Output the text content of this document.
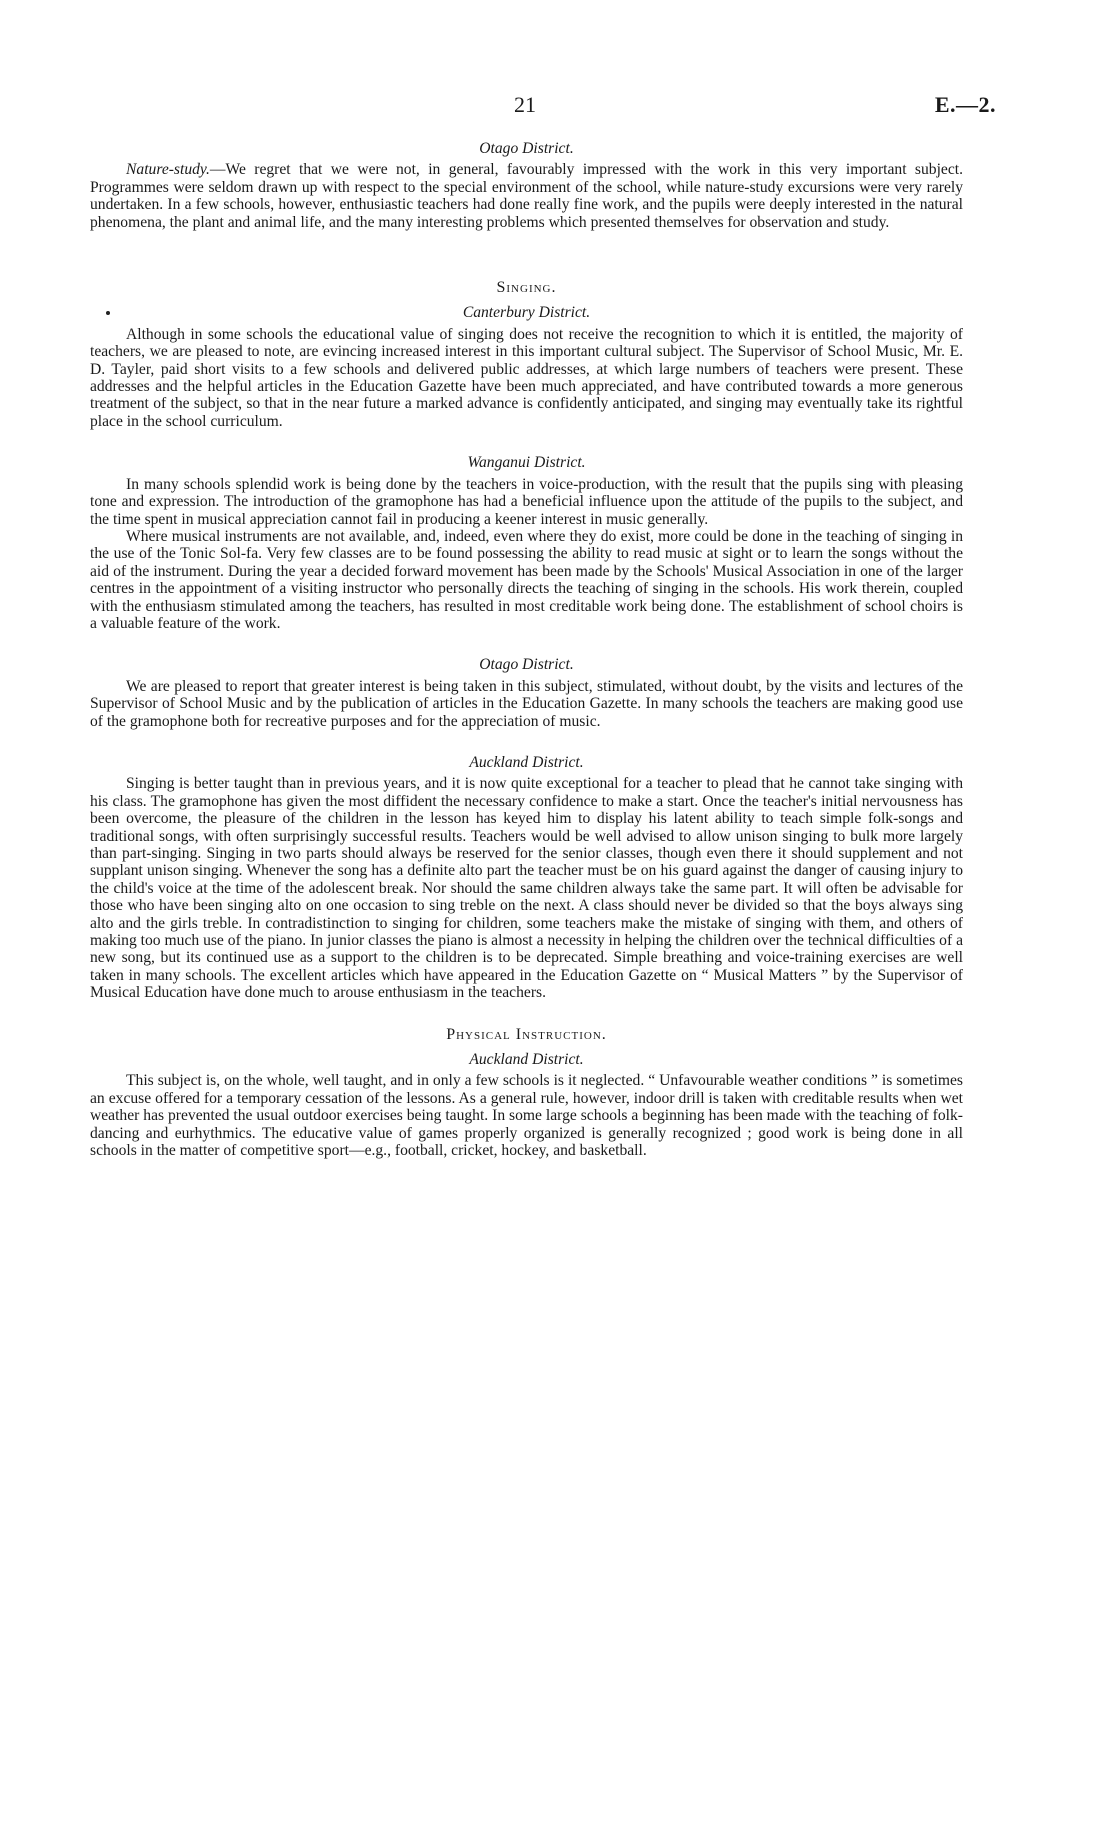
21	E.—2.
Otago District.

Nature-study.—We regret that we were not, in general, favourably impressed with the work in this very important subject. Programmes were seldom drawn up with respect to the special environment of the school, while nature-study excursions were very rarely undertaken. In a few schools, however, enthusiastic teachers had done really fine work, and the pupils were deeply interested in the natural phenomena, the plant and animal life, and the many interesting problems which presented themselves for observation and study.

Singing.
Canterbury District.

Although in some schools the educational value of singing does not receive the recognition to which it is entitled, the majority of teachers, we are pleased to note, are evincing increased interest in this important cultural subject. The Supervisor of School Music, Mr. E. D. Tayler, paid short visits to a few schools and delivered public addresses, at which large numbers of teachers were present. These addresses and the helpful articles in the Education Gazette have been much appreciated, and have contributed towards a more generous treatment of the subject, so that in the near future a marked advance is confidently anticipated, and singing may eventually take its rightful place in the school curriculum.

Wanganui District.

In many schools splendid work is being done by the teachers in voice-production, with the result that the pupils sing with pleasing tone and expression. The introduction of the gramophone has had a beneficial influence upon the attitude of the pupils to the subject, and the time spent in musical appreciation cannot fail in producing a keener interest in music generally.

Where musical instruments are not available, and, indeed, even where they do exist, more could be done in the teaching of singing in the use of the Tonic Sol-fa. Very few classes are to be found possessing the ability to read music at sight or to learn the songs without the aid of the instrument. During the year a decided forward movement has been made by the Schools' Musical Association in one of the larger centres in the appointment of a visiting instructor who personally directs the teaching of singing in the schools. His work therein, coupled with the enthusiasm stimulated among the teachers, has resulted in most creditable work being done. The establishment of school choirs is a valuable feature of the work.

Otago District.

We are pleased to report that greater interest is being taken in this subject, stimulated, without doubt, by the visits and lectures of the Supervisor of School Music and by the publication of articles in the Education Gazette. In many schools the teachers are making good use of the gramophone both for recreative purposes and for the appreciation of music.

Auckland District.

Singing is better taught than in previous years, and it is now quite exceptional for a teacher to plead that he cannot take singing with his class. The gramophone has given the most diffident the necessary confidence to make a start. Once the teacher's initial nervousness has been overcome, the pleasure of the children in the lesson has keyed him to display his latent ability to teach simple folk-songs and traditional songs, with often surprisingly successful results. Teachers would be well advised to allow unison singing to bulk more largely than part-singing. Singing in two parts should always be reserved for the senior classes, though even there it should supplement and not supplant unison singing. Whenever the song has a definite alto part the teacher must be on his guard against the danger of causing injury to the child's voice at the time of the adolescent break. Nor should the same children always take the same part. It will often be advisable for those who have been singing alto on one occasion to sing treble on the next. A class should never be divided so that the boys always sing alto and the girls treble. In contradistinction to singing for children, some teachers make the mistake of singing with them, and others of making too much use of the piano. In junior classes the piano is almost a necessity in helping the children over the technical difficulties of a new song, but its continued use as a support to the children is to be deprecated. Simple breathing and voice-training exercises are well taken in many schools. The excellent articles which have appeared in the Education Gazette on “ Musical Matters ” by the Supervisor of Musical Education have done much to arouse enthusiasm in the teachers.

Physical Instruction.
Auckland District.

This subject is, on the whole, well taught, and in only a few schools is it neglected. “ Unfavourable weather conditions ” is sometimes an excuse offered for a temporary cessation of the lessons. As a general rule, however, indoor drill is taken with creditable results when wet weather has prevented the usual outdoor exercises being taught. In some large schools a beginning has been made with the teaching of folk-dancing and eurhythmics. The educative value of games properly organized is generally recognized ; good work is being done in all schools in the matter of competitive sport—e.g., football, cricket, hockey, and basketball.
